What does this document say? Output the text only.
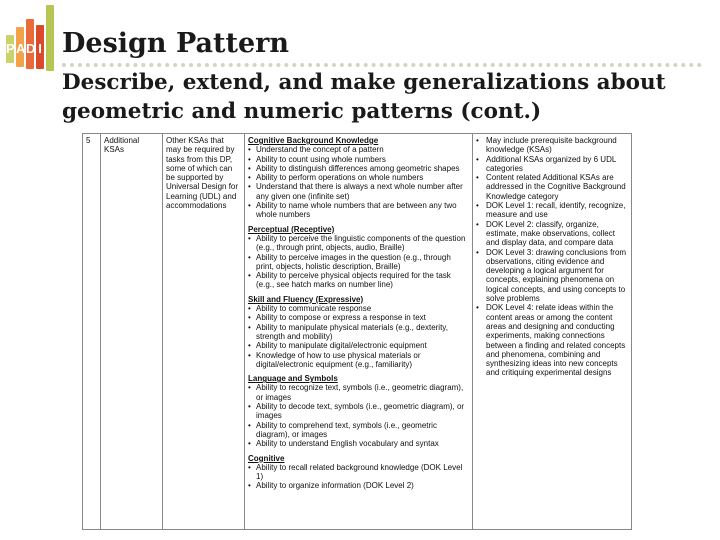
P A D I Design Pattern
Describe, extend, and make generalizations about geometric and numeric patterns (cont.)
5	Additional KSAs
Other KSAs that may be required by tasks from this DP, some of which can be supported by Universal Design for Learning (UDL) and accommodations
Cognitive Background Knowledge
• Understand the concept of a pattern
• Ability to count using whole numbers
• Ability to distinguish differences among geometric shapes
• Ability to perform operations on whole numbers
• Understand that there is always a next whole number after any given one (infinite set)
• Ability to name whole numbers that are between any two whole numbers
Perceptual (Receptive)
• Ability to perceive the linguistic components of the question (e.g., through print, objects, audio, Braille)
• Ability to perceive images in the question (e.g., through print, objects, holistic description, Braille)
• Ability to perceive physical objects required for the task (e.g., see hatch marks on number line)
Skill and Fluency (Expressive)
• Ability to communicate response
• Ability to compose or express a response in text
• Ability to manipulate physical materials (e.g., dexterity, strength and mobility)
• Ability to manipulate digital/electronic equipment
• Knowledge of how to use physical materials or digital/electronic equipment (e.g., familiarity)
Language and Symbols
• Ability to recognize text, symbols (i.e., geometric diagram), or images
• Ability to decode text, symbols (i.e., geometric diagram), or images
• Ability to comprehend text, symbols (i.e., geometric diagram), or images
• Ability to understand English vocabulary and syntax
Cognitive
• Ability to recall related background knowledge (DOK Level 1)
• Ability to organize information (DOK Level 2)
• May include prerequisite background knowledge (KSAs)
• Additional KSAs organized by 6 UDL categories
• Content related Additional KSAs are addressed in the Cognitive Background Knowledge category
• DOK Level 1: recall, identify, recognize, measure and use
• DOK Level 2: classify, organize, estimate, make observations, collect and display data, and compare data
• DOK Level 3: drawing conclusions from observations, citing evidence and developing a logical argument for concepts, explaining phenomena on logical concepts, and using concepts to solve problems
• DOK Level 4: relate ideas within the content areas or among the content areas and designing and conducting experiments, making connections between a finding and related concepts and phenomena, combining and synthesizing ideas into new concepts and critiquing experimental designs
